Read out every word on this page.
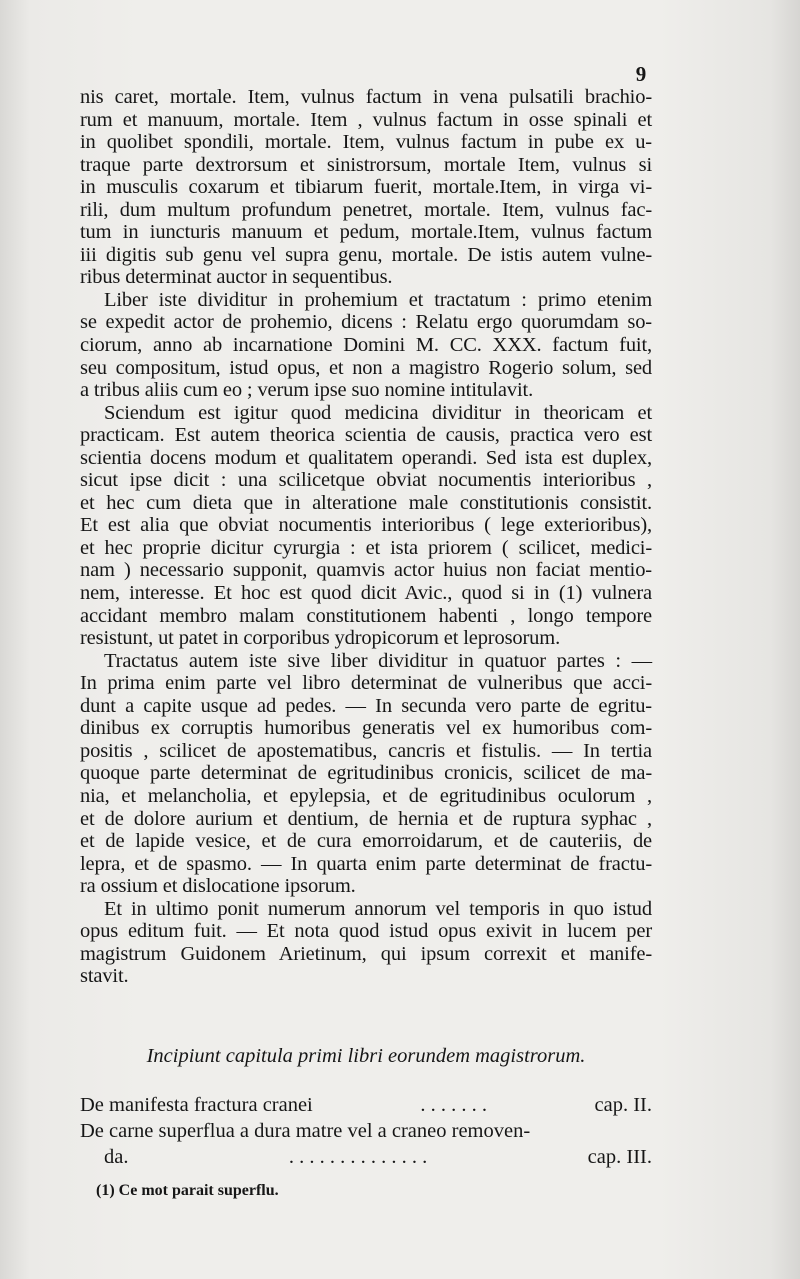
9
nis caret, mortale. Item, vulnus factum in vena pulsatili brachio-
rum et manuum, mortale. Item , vulnus factum in osse spinali et
in quolibet spondili, mortale. Item, vulnus factum in pube ex u-
traque parte dextrorsum et sinistrorsum, mortale Item, vulnus si
in musculis coxarum et tibiarum fuerit, mortale.Item, in virga vi-
rili, dum multum profundum penetret, mortale. Item, vulnus fac-
tum in iuncturis manuum et pedum, mortale.Item, vulnus factum
iii digitis sub genu vel supra genu, mortale. De istis autem vulne-
ribus determinat auctor in sequentibus.
Liber iste dividitur in prohemium et tractatum : primo etenim
se expedit actor de prohemio, dicens : Relatu ergo quorumdam so-
ciorum, anno ab incarnatione Domini M. CC. XXX. factum fuit,
seu compositum, istud opus, et non a magistro Rogerio solum, sed
a tribus aliis cum eo ; verum ipse suo nomine intitulavit.
Sciendum est igitur quod medicina dividitur in theoricam et
practicam. Est autem theorica scientia de causis, practica vero est
scientia docens modum et qualitatem operandi. Sed ista est duplex,
sicut ipse dicit : una scilicetque obviat nocumentis interioribus ,
et hec cum dieta que in alteratione male constitutionis consistit.
Et est alia que obviat nocumentis interioribus ( lege exterioribus),
et hec proprie dicitur cyrurgia : et ista priorem ( scilicet, medici-
nam ) necessario supponit, quamvis actor huius non faciat mentio-
nem, interesse. Et hoc est quod dicit Avic., quod si in (1) vulnera
accidant membro malam constitutionem habenti , longo tempore
resistunt, ut patet in corporibus ydropicorum et leprosorum.
Tractatus autem iste sive liber dividitur in quatuor partes : —
In prima enim parte vel libro determinat de vulneribus que acci-
dunt a capite usque ad pedes. — In secunda vero parte de egritu-
dinibus ex corruptis humoribus generatis vel ex humoribus com-
positis , scilicet de apostematibus, cancris et fistulis. — In tertia
quoque parte determinat de egritudinibus cronicis, scilicet de ma-
nia, et melancholia, et epylepsia, et de egritudinibus oculorum ,
et de dolore aurium et dentium, de hernia et de ruptura syphac ,
et de lapide vesice, et de cura emorroidarum, et de cauteriis, de
lepra, et de spasmo. — In quarta enim parte determinat de fractu-
ra ossium et dislocatione ipsorum.
Et in ultimo ponit numerum annorum vel temporis in quo istud
opus editum fuit. — Et nota quod istud opus exivit in lucem per
magistrum Guidonem Arietinum, qui ipsum correxit et manife-
stavit.
Incipiunt capitula primi libri eorundem magistrorum.
De manifesta fractura cranei	. . . . . . .	cap. II.
De carne superflua a dura matre vel a craneo removen-
da.	. . . . . . . . . . . . . .	cap. III.
(1) Ce mot parait superflu.
